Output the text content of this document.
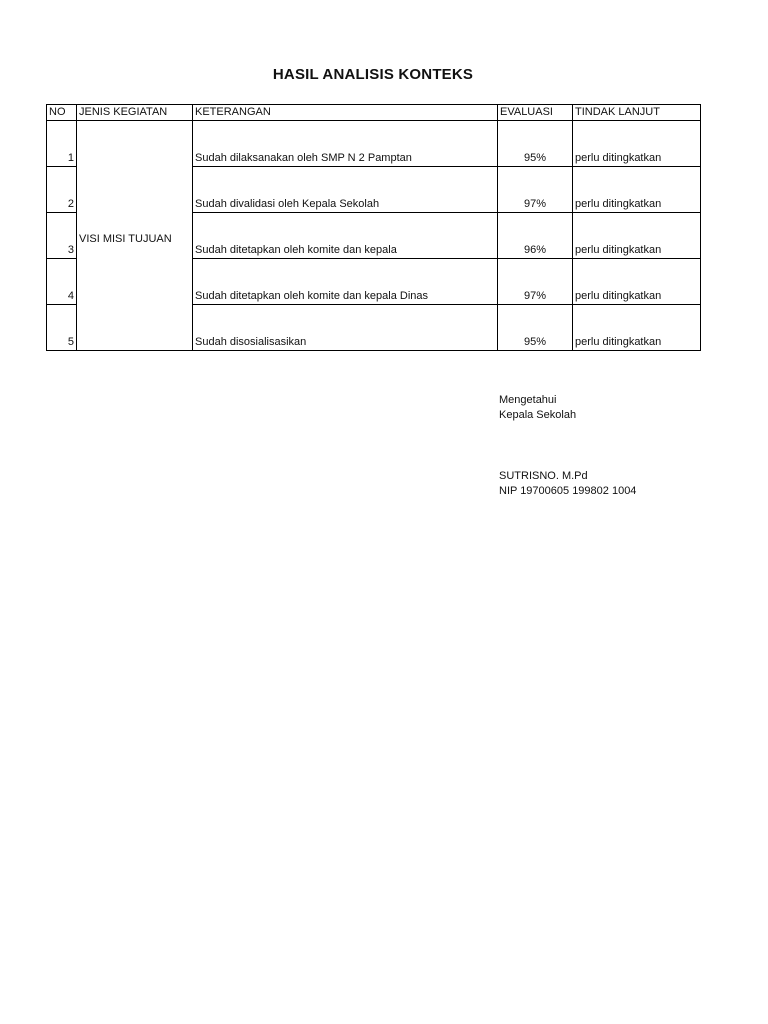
HASIL ANALISIS KONTEKS
NO	JENIS KEGIATAN	KETERANGAN	EVALUASI	TINDAK LANJUT
1	VISI MISI TUJUAN	Sudah dilaksanakan oleh SMP N 2 Pamptan	95%	perlu ditingkatkan
2		Sudah divalidasi oleh Kepala Sekolah	97%	perlu ditingkatkan
3		Sudah ditetapkan oleh komite dan kepala	96%	perlu ditingkatkan
4		Sudah ditetapkan oleh komite dan kepala Dinas	97%	perlu ditingkatkan
5		Sudah disosialisasikan	95%	perlu ditingkatkan
Mengetahui
Kepala Sekolah
SUTRISNO. M.Pd
NIP 19700605 199802 1004
